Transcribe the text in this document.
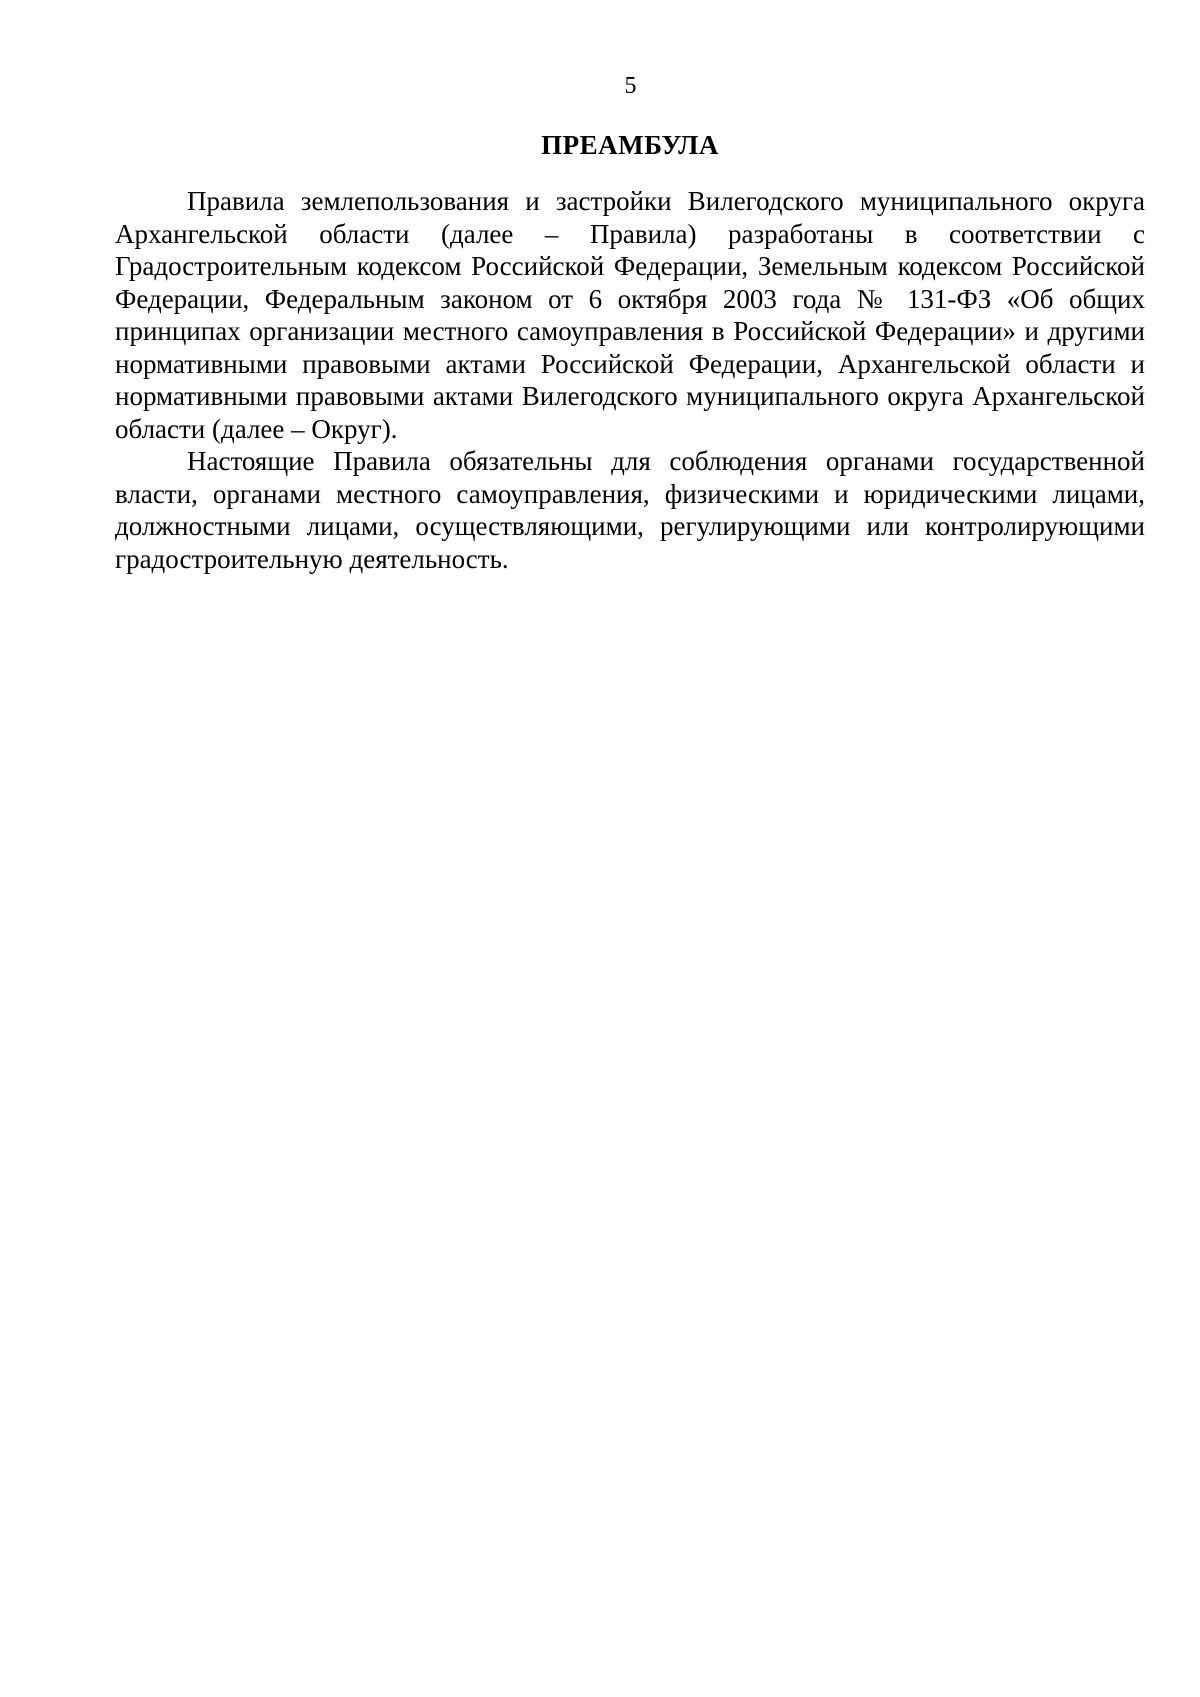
5
ПРЕАМБУЛА

Правила землепользования и застройки Вилегодского муниципального округа Архангельской области (далее – Правила) разработаны в соответствии с Градостроительным кодексом Российской Федерации, Земельным кодексом Российской Федерации, Федеральным законом от 6 октября 2003 года № 131-ФЗ «Об общих принципах организации местного самоуправления в Российской Федерации» и другими нормативными правовыми актами Российской Федерации, Архангельской области и нормативными правовыми актами Вилегодского муниципального округа Архангельской области (далее – Округ).

Настоящие Правила обязательны для соблюдения органами государственной власти, органами местного самоуправления, физическими и юридическими лицами, должностными лицами, осуществляющими, регулирующими или контролирующими градостроительную деятельность.
